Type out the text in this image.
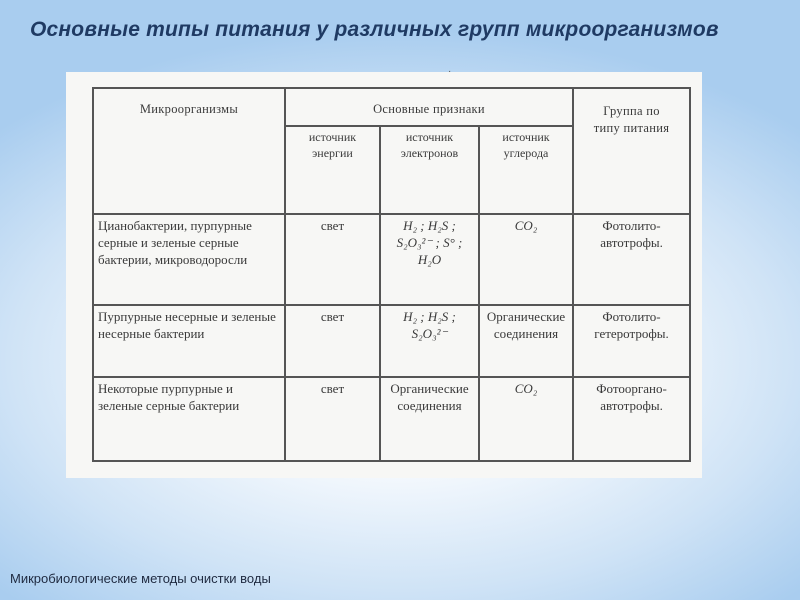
Основные типы питания у различных групп микроорганизмов
·
Микроорганизмы	Основные признаки			Группа по типу питания
	источник энергии	источник электронов	источник углерода	
Цианобактерии, пурпурные серные и зеленые серные бактерии, микроводоросли	свет	H₂ ; H₂S ; S₂O₃²⁻ ; S° ; H₂O	CO₂	Фотолито-автотрофы.
Пурпурные несерные и зеленые несерные бактерии	свет	H₂ ; H₂S ; S₂O₃²⁻	Органические соединения	Фотолито-гетеротрофы.
Некоторые пурпурные и зеленые серные бактерии	свет	Органические соединения	CO₂	Фотооргано-автотрофы.
Микробиологические методы очистки воды
